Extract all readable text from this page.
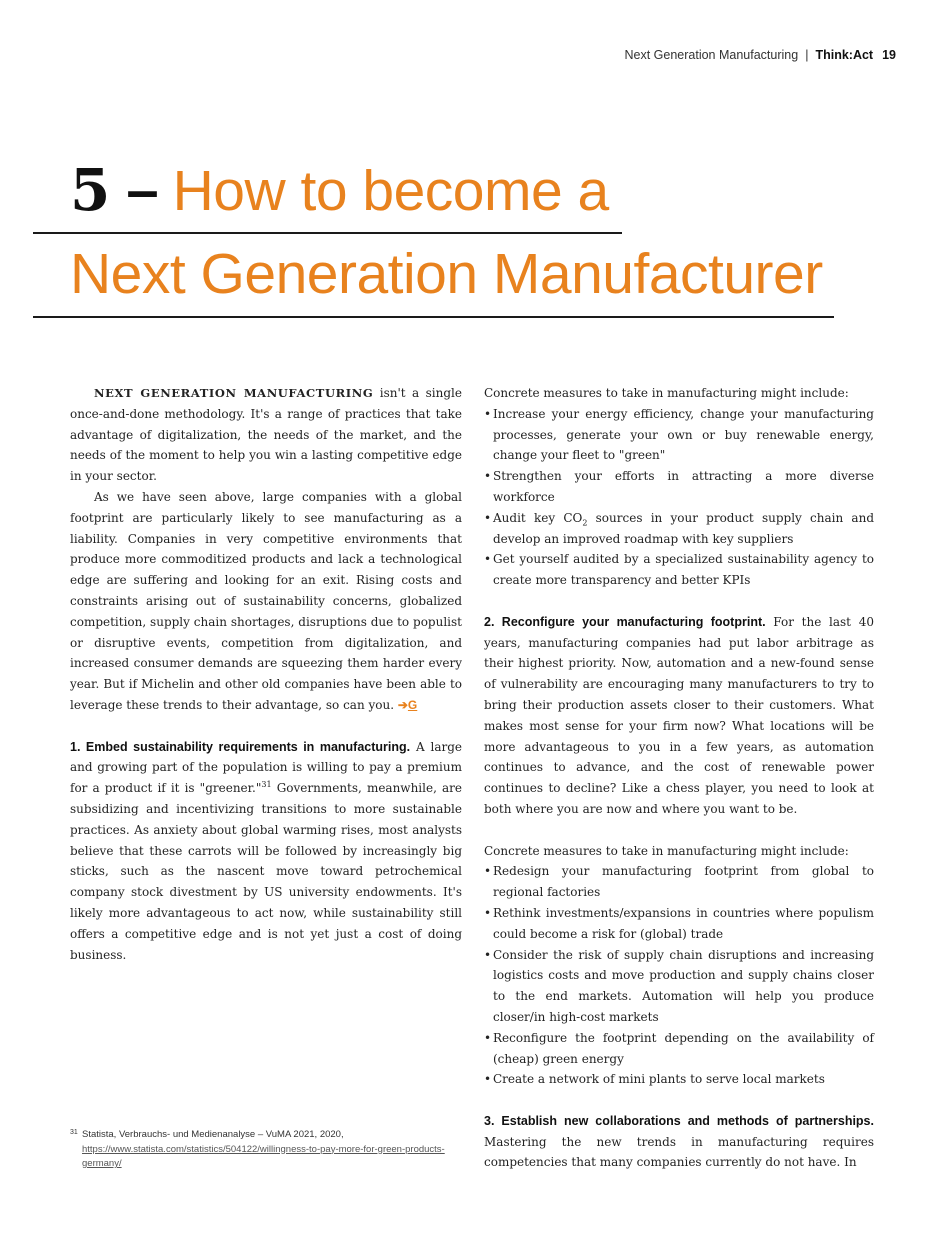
Next Generation Manufacturing | Think:Act 19
5 – How to become a
Next Generation Manufacturer

NEXT GENERATION MANUFACTURING isn't a single once-and-done methodology. It's a range of practices that take advantage of digitalization, the needs of the market, and the needs of the moment to help you win a lasting competitive edge in your sector.

As we have seen above, large companies with a global footprint are particularly likely to see manufacturing as a liability. Companies in very competitive environments that produce more commoditized products and lack a technological edge are suffering and looking for an exit. Rising costs and constraints arising out of sustainability concerns, globalized competition, supply chain shortages, disruptions due to populist or disruptive events, competition from digitalization, and increased consumer demands are squeezing them harder every year. But if Michelin and other old companies have been able to leverage these trends to their advantage, so can you. ➔G

1. Embed sustainability requirements in manufacturing. A large and growing part of the population is willing to pay a premium for a product if it is "greener."$^{31}$ Governments, meanwhile, are subsidizing and incentivizing transitions to more sustainable practices. As anxiety about global warming rises, most analysts believe that these carrots will be followed by increasingly big sticks, such as the nascent move toward petrochemical company stock divestment by US university endowments. It's likely more advantageous to act now, while sustainability still offers a competitive edge and is not yet just a cost of doing business.

Concrete measures to take in manufacturing might include:

• Increase your energy efficiency, change your manufacturing processes, generate your own or buy renewable energy, change your fleet to "green"
• Strengthen your efforts in attracting a more diverse workforce
• Audit key $CO_2$ sources in your product supply chain and develop an improved roadmap with key suppliers
• Get yourself audited by a specialized sustainability agency to create more transparency and better KPIs

2. Reconfigure your manufacturing footprint. For the last 40 years, manufacturing companies had put labor arbitrage as their highest priority. Now, automation and a new-found sense of vulnerability are encouraging many manufacturers to try to bring their production assets closer to their customers. What makes most sense for your firm now? What locations will be more advantageous to you in a few years, as automation continues to advance, and the cost of renewable power continues to decline? Like a chess player, you need to look at both where you are now and where you want to be.

Concrete measures to take in manufacturing might include:

• Redesign your manufacturing footprint from global to regional factories
• Rethink investments/expansions in countries where populism could become a risk for (global) trade
• Consider the risk of supply chain disruptions and increasing logistics costs and move production and supply chains closer to the end markets. Automation will help you produce closer/in high-cost markets
• Reconfigure the footprint depending on the availability of (cheap) green energy
• Create a network of mini plants to serve local markets

3. Establish new collaborations and methods of partnerships. Mastering the new trends in manufacturing requires competencies that many companies currently do not have. In

31 Statista, Verbrauchs- und Medienanalyse – VuMA 2021, 2020,
https://www.statista.com/statistics/504122/willingness-to-pay-more-for-green-products-germany/
